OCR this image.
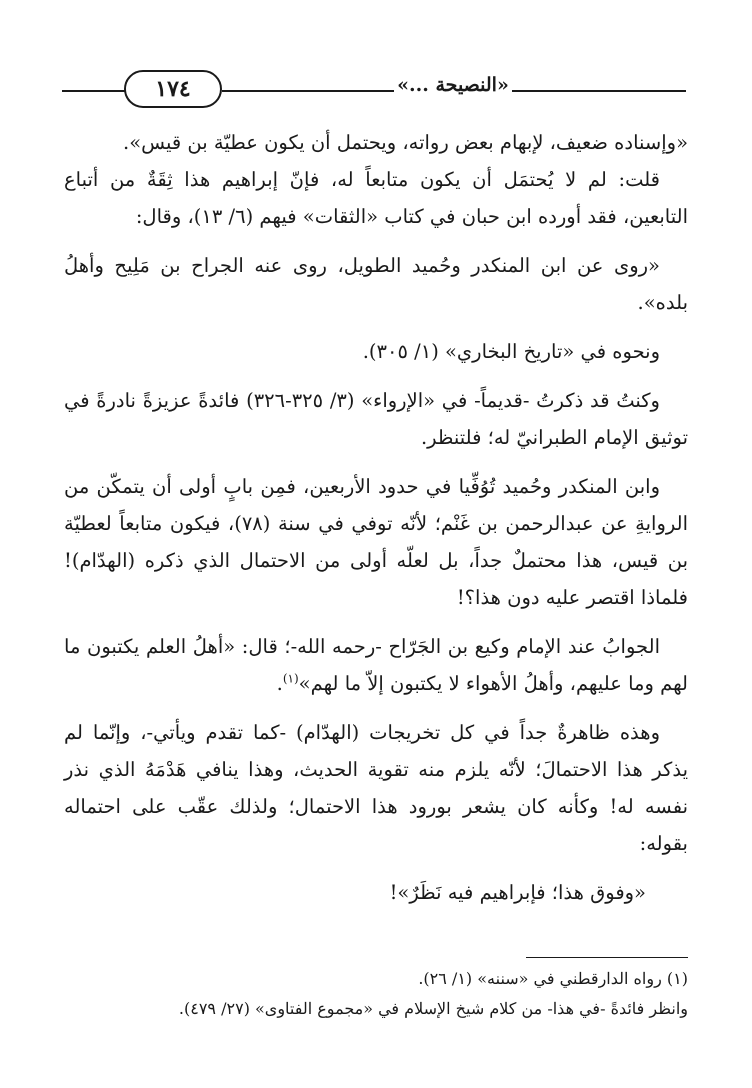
١٧٤	«النصيحة ...»

«وإسناده ضعيف، لإبهام بعض رواته، ويحتمل أن يكون عطيّة بن قيس».

قلت: لم لا يُحتمَل أن يكون متابعاً له، فإنّ إبراهيم هذا ثِقَةٌ من أتباع التابعين، فقد أورده ابن حبان في كتاب «الثقات» فيهم (٦/ ١٣)، وقال:

«روى عن ابن المنكدر وحُميد الطويل، روى عنه الجراح بن مَلِيح وأهلُ بلده».

ونحوه في «تاريخ البخاري» (١/ ٣٠٥).

وكنتُ قد ذكرتُ -قديماً- في «الإرواء» (٣/ ٣٢٥-٣٢٦) فائدةً عزيزةً نادرةً في توثيق الإمام الطبرانيّ له؛ فلتنظر.

وابن المنكدر وحُميد تُوُفِّيا في حدود الأربعين، فمِن بابٍ أولى أن يتمكّن من الروايةِ عن عبدالرحمن بن غَنْم؛ لأنّه توفي في سنة (٧٨)، فيكون متابعاً لعطيّة بن قيس، هذا محتملٌ جداً، بل لعلّه أولى من الاحتمال الذي ذكره (الهدّام)! فلماذا اقتصر عليه دون هذا؟!

الجوابُ عند الإمام وكيع بن الجَرّاح -رحمه الله-؛ قال: «أهلُ العلم يكتبون ما لهم وما عليهم، وأهلُ الأهواء لا يكتبون إلاّ ما لهم»$^{(١)}$.

وهذه ظاهرةٌ جداً في كل تخريجات (الهدّام) -كما تقدم ويأتي-، وإنّما لم يذكر هذا الاحتمالَ؛ لأنّه يلزم منه تقوية الحديث، وهذا ينافي هَدْمَهُ الذي نذر نفسه له! وكأنه كان يشعر بورود هذا الاحتمال؛ ولذلك عقّب على احتماله بقوله:

«وفوق هذا؛ فإبراهيم فيه نَظَرٌ»!

(١) رواه الدارقطني في «سننه» (١/ ٢٦).

وانظر فائدةً -في هذا- من كلام شيخ الإسلام في «مجموع الفتاوى» (٢٧/ ٤٧٩).
